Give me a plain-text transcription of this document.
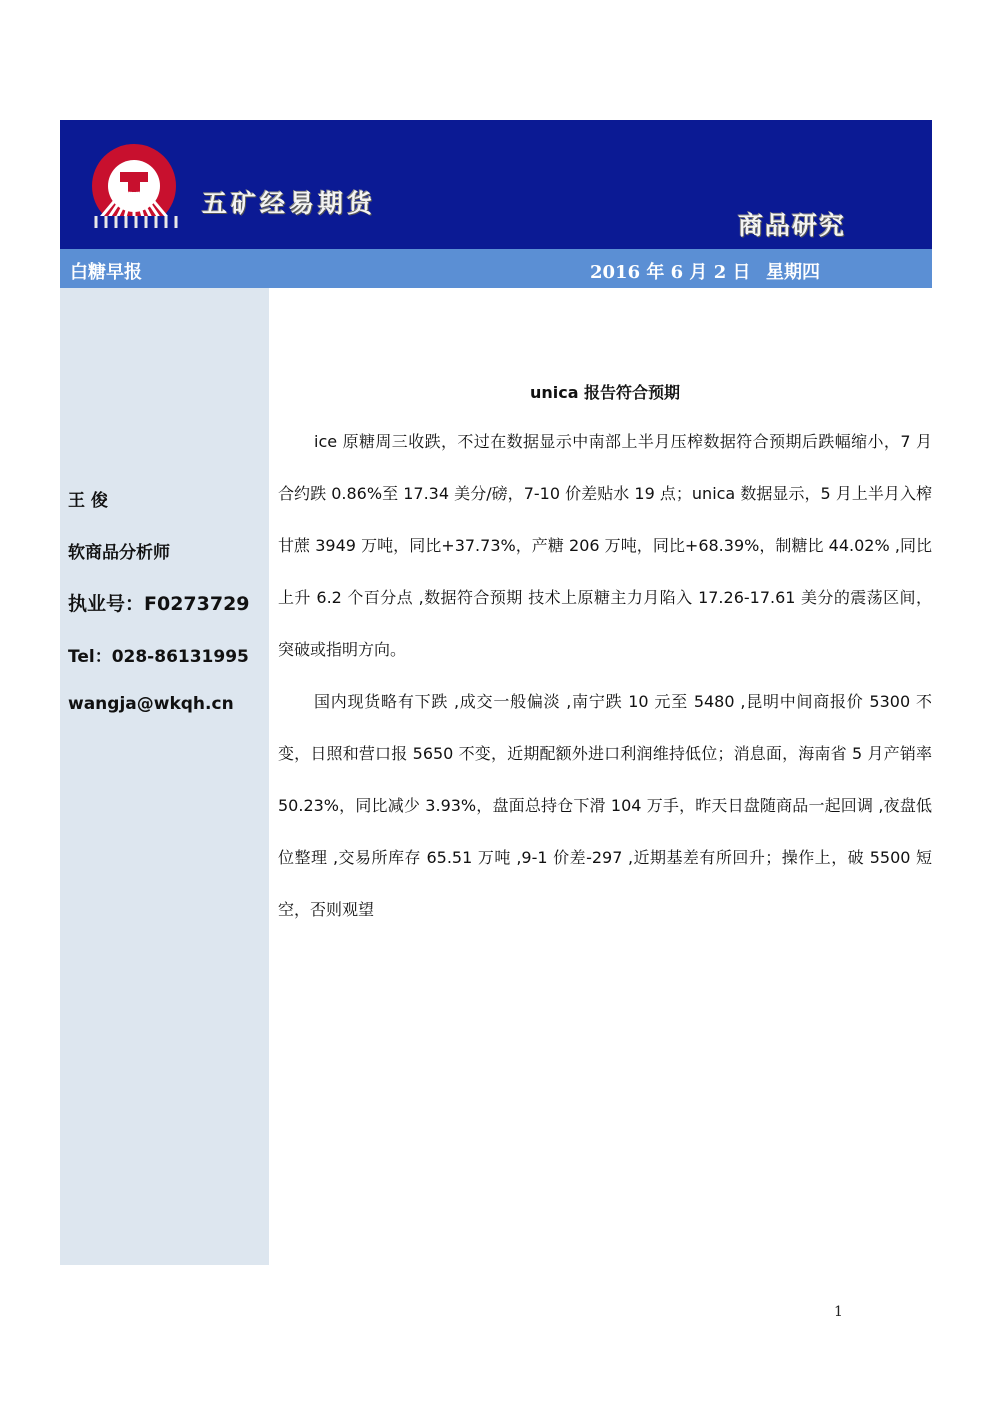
五矿经易期货
商品研究
白糖早报	2016 年 6 月 2 日 星期四
王 俊
软商品分析师
执业号：F0273729
Tel：028-86131995
wangja@wkqh.cn
unica 报告符合预期

ice 原糖周三收跌，不过在数据显示中南部上半月压榨数据符合预期后跌幅缩小，7 月合约跌 0.86%至 17.34 美分/磅，7-10 价差贴水 19 点；unica 数据显示，5 月上半月入榨甘蔗 3949 万吨，同比+37.73%，产糖 206 万吨，同比+68.39%，制糖比 44.02% ,同比上升 6.2 个百分点 ,数据符合预期 技术上原糖主力月陷入 17.26-17.61 美分的震荡区间，突破或指明方向。

国内现货略有下跌 ,成交一般偏淡 ,南宁跌 10 元至 5480 ,昆明中间商报价 5300 不变，日照和营口报 5650 不变，近期配额外进口利润维持低位；消息面，海南省 5 月产销率 50.23%，同比减少 3.93%，盘面总持仓下滑 104 万手，昨天日盘随商品一起回调 ,夜盘低位整理 ,交易所库存 65.51 万吨 ,9-1 价差-297 ,近期基差有所回升；操作上，破 5500 短空，否则观望

1
